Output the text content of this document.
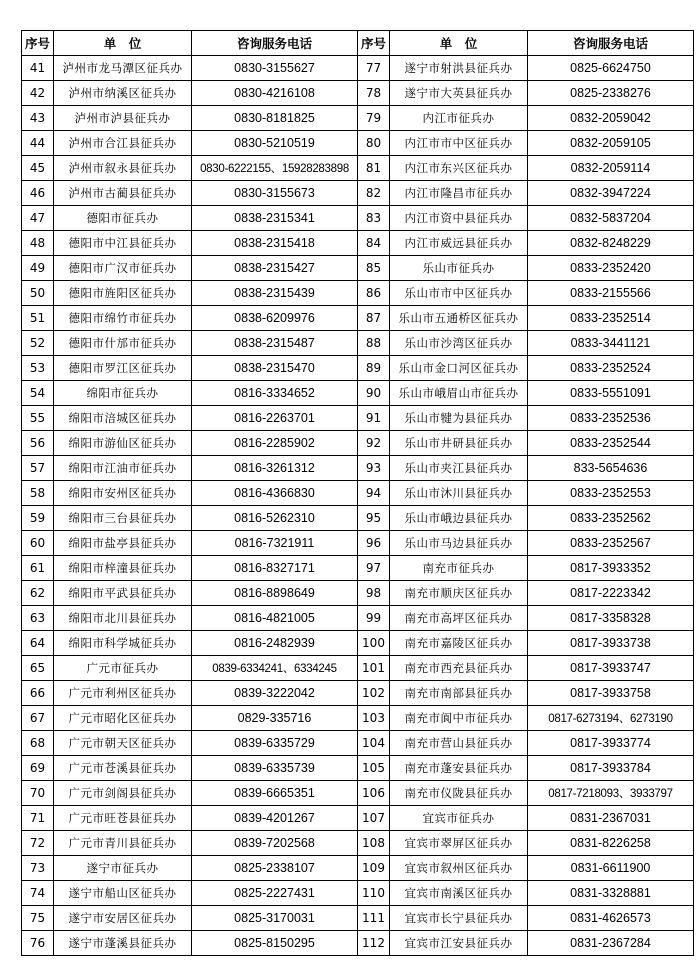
序号	单　位	咨询服务电话	序号	单　位	咨询服务电话
41	泸州市龙马潭区征兵办	0830-3155627	77	遂宁市射洪县征兵办	0825-6624750
42	泸州市纳溪区征兵办	0830-4216108	78	遂宁市大英县征兵办	0825-2338276
43	泸州市泸县征兵办	0830-8181825	79	内江市征兵办	0832-2059042
44	泸州市合江县征兵办	0830-5210519	80	内江市市中区征兵办	0832-2059105
45	泸州市叙永县征兵办	0830-6222155、15928283898	81	内江市东兴区征兵办	0832-2059114
46	泸州市古蔺县征兵办	0830-3155673	82	内江市隆昌市征兵办	0832-3947224
47	德阳市征兵办	0838-2315341	83	内江市资中县征兵办	0832-5837204
48	德阳市中江县征兵办	0838-2315418	84	内江市威远县征兵办	0832-8248229
49	德阳市广汉市征兵办	0838-2315427	85	乐山市征兵办	0833-2352420
50	德阳市旌阳区征兵办	0838-2315439	86	乐山市市中区征兵办	0833-2155566
51	德阳市绵竹市征兵办	0838-6209976	87	乐山市五通桥区征兵办	0833-2352514
52	德阳市什邡市征兵办	0838-2315487	88	乐山市沙湾区征兵办	0833-3441121
53	德阳市罗江区征兵办	0838-2315470	89	乐山市金口河区征兵办	0833-2352524
54	绵阳市征兵办	0816-3334652	90	乐山市峨眉山市征兵办	0833-5551091
55	绵阳市涪城区征兵办	0816-2263701	91	乐山市犍为县征兵办	0833-2352536
56	绵阳市游仙区征兵办	0816-2285902	92	乐山市井研县征兵办	0833-2352544
57	绵阳市江油市征兵办	0816-3261312	93	乐山市夹江县征兵办	833-5654636
58	绵阳市安州区征兵办	0816-4366830	94	乐山市沐川县征兵办	0833-2352553
59	绵阳市三台县征兵办	0816-5262310	95	乐山市峨边县征兵办	0833-2352562
60	绵阳市盐亭县征兵办	0816-7321911	96	乐山市马边县征兵办	0833-2352567
61	绵阳市梓潼县征兵办	0816-8327171	97	南充市征兵办	0817-3933352
62	绵阳市平武县征兵办	0816-8898649	98	南充市顺庆区征兵办	0817-2223342
63	绵阳市北川县征兵办	0816-4821005	99	南充市高坪区征兵办	0817-3358328
64	绵阳市科学城征兵办	0816-2482939	100	南充市嘉陵区征兵办	0817-3933738
65	广元市征兵办	0839-6334241、6334245	101	南充市西充县征兵办	0817-3933747
66	广元市利州区征兵办	0839-3222042	102	南充市南部县征兵办	0817-3933758
67	广元市昭化区征兵办	0829-335716	103	南充市阆中市征兵办	0817-6273194、6273190
68	广元市朝天区征兵办	0839-6335729	104	南充市营山县征兵办	0817-3933774
69	广元市苍溪县征兵办	0839-6335739	105	南充市蓬安县征兵办	0817-3933784
70	广元市剑阁县征兵办	0839-6665351	106	南充市仪陇县征兵办	0817-7218093、3933797
71	广元市旺苍县征兵办	0839-4201267	107	宜宾市征兵办	0831-2367031
72	广元市青川县征兵办	0839-7202568	108	宜宾市翠屏区征兵办	0831-8226258
73	遂宁市征兵办	0825-2338107	109	宜宾市叙州区征兵办	0831-6611900
74	遂宁市船山区征兵办	0825-2227431	110	宜宾市南溪区征兵办	0831-3328881
75	遂宁市安居区征兵办	0825-3170031	111	宜宾市长宁县征兵办	0831-4626573
76	遂宁市蓬溪县征兵办	0825-8150295	112	宜宾市江安县征兵办	0831-2367284
